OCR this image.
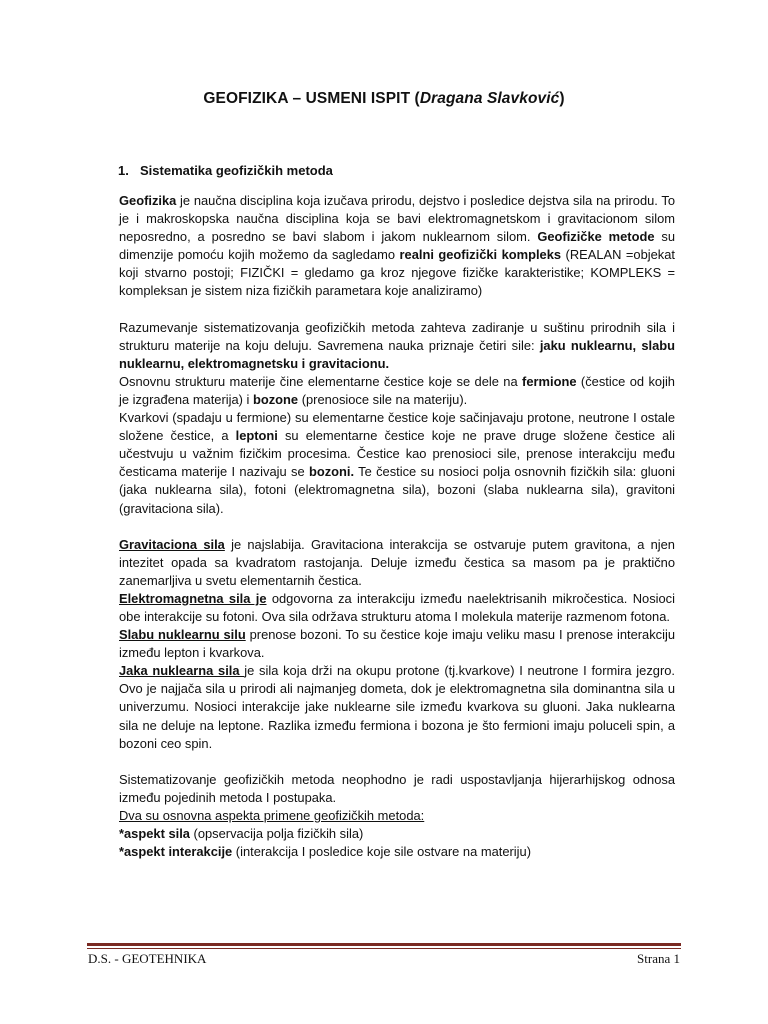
GEOFIZIKA – USMENI ISPIT (Dragana Slavković)
1. Sistematika geofizičkih metoda

Geofizika je naučna disciplina koja izučava prirodu, dejstvo i posledice dejstva sila na prirodu. To je i makroskopska naučna disciplina koja se bavi elektromagnetskom i gravitacionom silom neposredno, a posredno se bavi slabom i jakom nuklearnom silom. Geofizičke metode su dimenzije pomoću kojih možemo da sagledamo realni geofizički kompleks (REALAN =objekat koji stvarno postoji; FIZIČKI = gledamo ga kroz njegove fizičke karakteristike; KOMPLEKS = kompleksan je sistem niza fizičkih parametara koje analiziramo)

Razumevanje sistematizovanja geofizičkih metoda zahteva zadiranje u suštinu prirodnih sila i strukturu materije na koju deluju. Savremena nauka priznaje četiri sile: jaku nuklearnu, slabu nuklearnu, elektromagnetsku i gravitacionu.

Osnovnu strukturu materije čine elementarne čestice koje se dele na fermione (čestice od kojih je izgrađena materija) i bozone (prenosioce sile na materiju).

Kvarkovi (spadaju u fermione) su elementarne čestice koje sačinjavaju protone, neutrone I ostale složene čestice, a leptoni su elementarne čestice koje ne prave druge složene čestice ali učestvuju u važnim fizičkim procesima. Čestice kao prenosioci sile, prenose interakciju među česticama materije I nazivaju se bozoni. Te čestice su nosioci polja osnovnih fizičkih sila: gluoni (jaka nuklearna sila), fotoni (elektromagnetna sila), bozoni (slaba nuklearna sila), gravitoni (gravitaciona sila).

Gravitaciona sila je najslabija. Gravitaciona interakcija se ostvaruje putem gravitona, a njen intezitet opada sa kvadratom rastojanja. Deluje između čestica sa masom pa je praktično zanemarljiva u svetu elementarnih čestica.

Elektromagnetna sila je odgovorna za interakciju između naelektrisanih mikročestica. Nosioci obe interakcije su fotoni. Ova sila održava strukturu atoma I molekula materije razmenom fotona.

Slabu nuklearnu silu prenose bozoni. To su čestice koje imaju veliku masu I prenose interakciju između lepton i kvarkova.

Jaka nuklearna sila je sila koja drži na okupu protone (tj.kvarkove) I neutrone I formira jezgro. Ovo je najjača sila u prirodi ali najmanjeg dometa, dok je elektromagnetna sila dominantna sila u univerzumu. Nosioci interakcije jake nuklearne sile između kvarkova su gluoni. Jaka nuklearna sila ne deluje na leptone. Razlika između fermiona i bozona je što fermioni imaju poluceli spin, a bozoni ceo spin.

Sistematizovanje geofizičkih metoda neophodno je radi uspostavljanja hijerarhijskog odnosa između pojedinih metoda I postupaka.

Dva su osnovna aspekta primene geofizičkih metoda:

*aspekt sila (opservacija polja fizičkih sila)

*aspekt interakcije (interakcija I posledice koje sile ostvare na materiju)

D.S. - GEOTEHNIKA	Strana 1
